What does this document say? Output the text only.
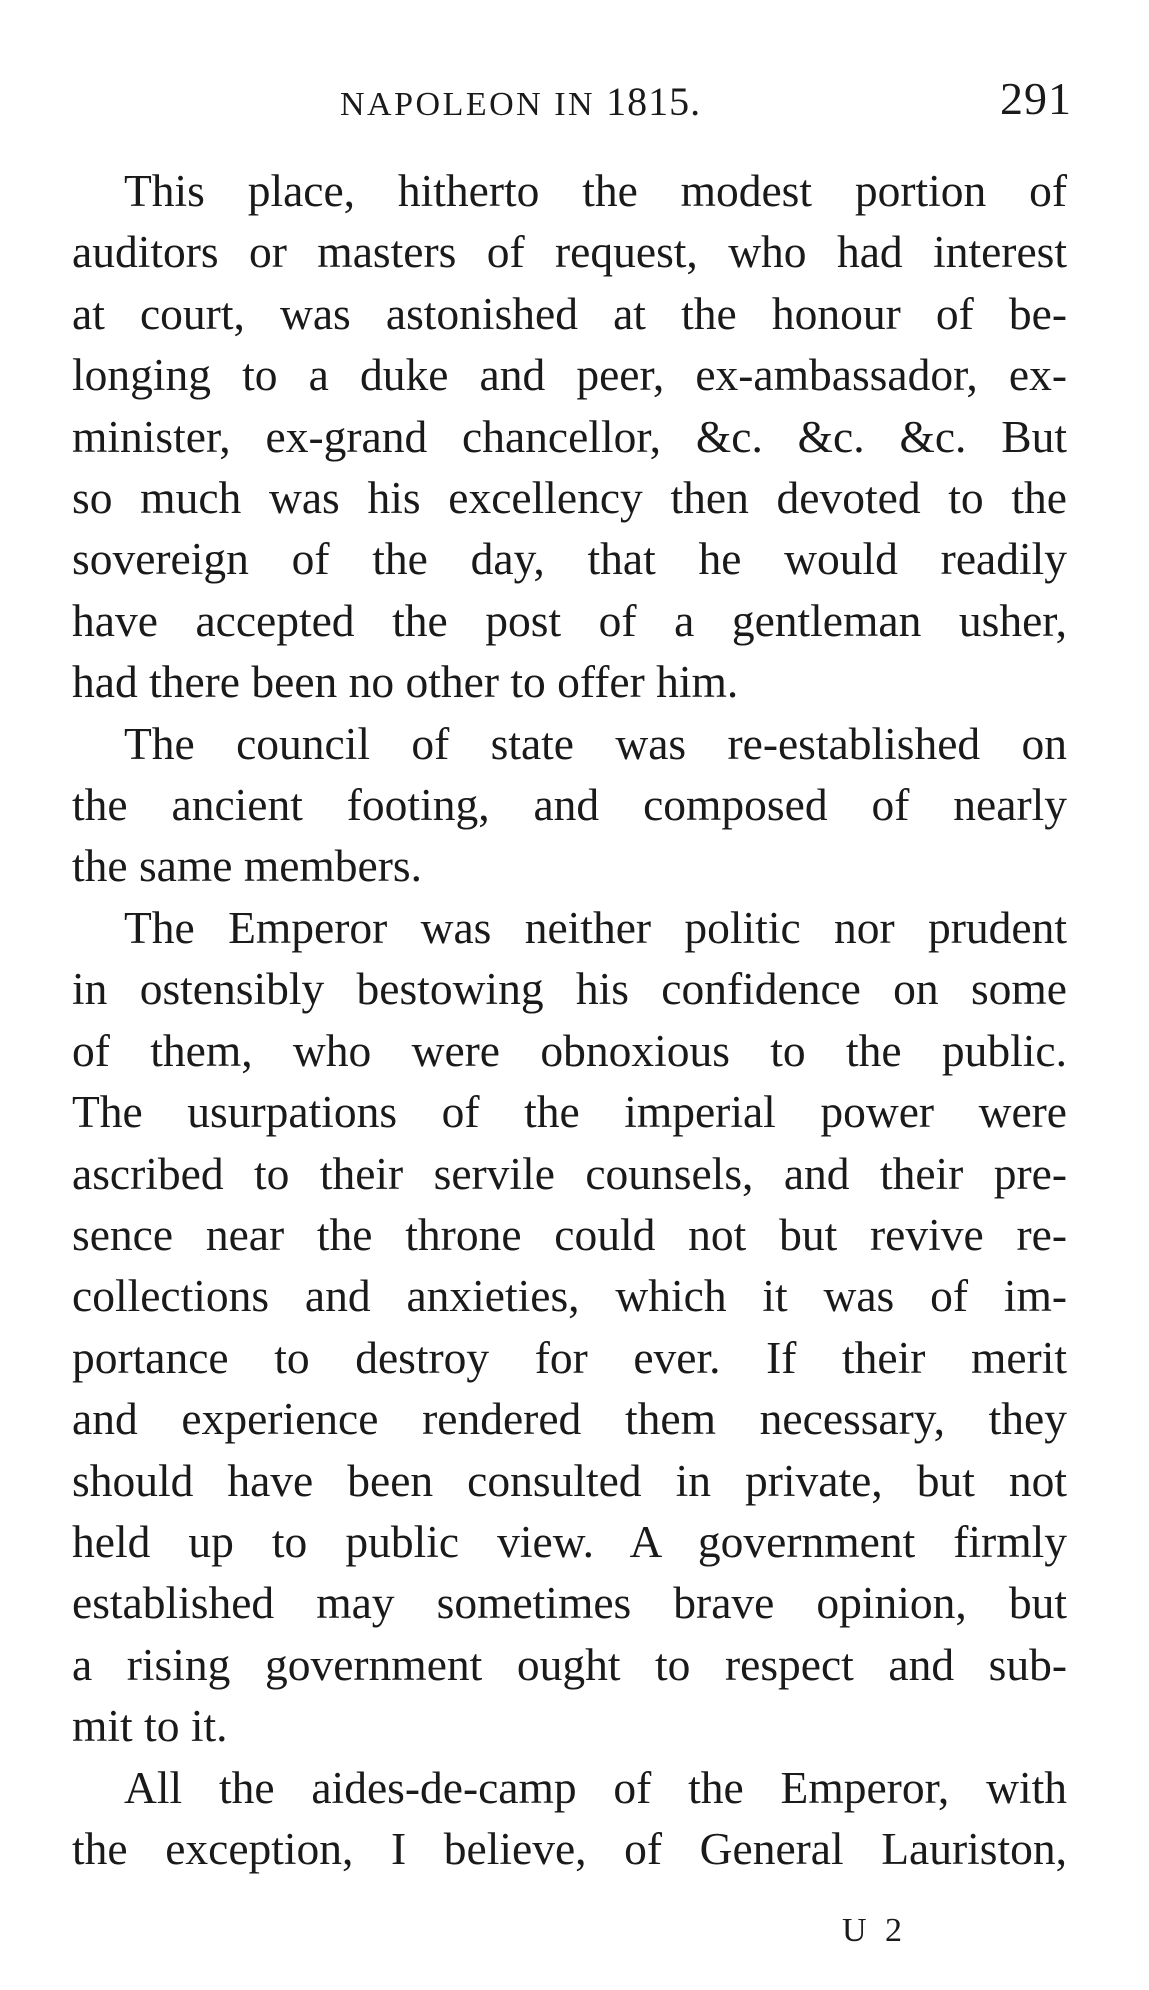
NAPOLEON IN 1815.	291

This place, hitherto the modest portion of
auditors or masters of request, who had interest
at court, was astonished at the honour of be-
longing to a duke and peer, ex-ambassador, ex-
minister, ex-grand chancellor, &c. &c. &c. But
so much was his excellency then devoted to the
sovereign of the day, that he would readily
have accepted the post of a gentleman usher,
had there been no other to offer him.

The council of state was re-established on
the ancient footing, and composed of nearly
the same members.

The Emperor was neither politic nor prudent
in ostensibly bestowing his confidence on some
of them, who were obnoxious to the public.
The usurpations of the imperial power were
ascribed to their servile counsels, and their pre-
sence near the throne could not but revive re-
collections and anxieties, which it was of im-
portance to destroy for ever. If their merit
and experience rendered them necessary, they
should have been consulted in private, but not
held up to public view. A government firmly
established may sometimes brave opinion, but
a rising government ought to respect and sub-
mit to it.

All the aides-de-camp of the Emperor, with
the exception, I believe, of General Lauriston,

U 2
